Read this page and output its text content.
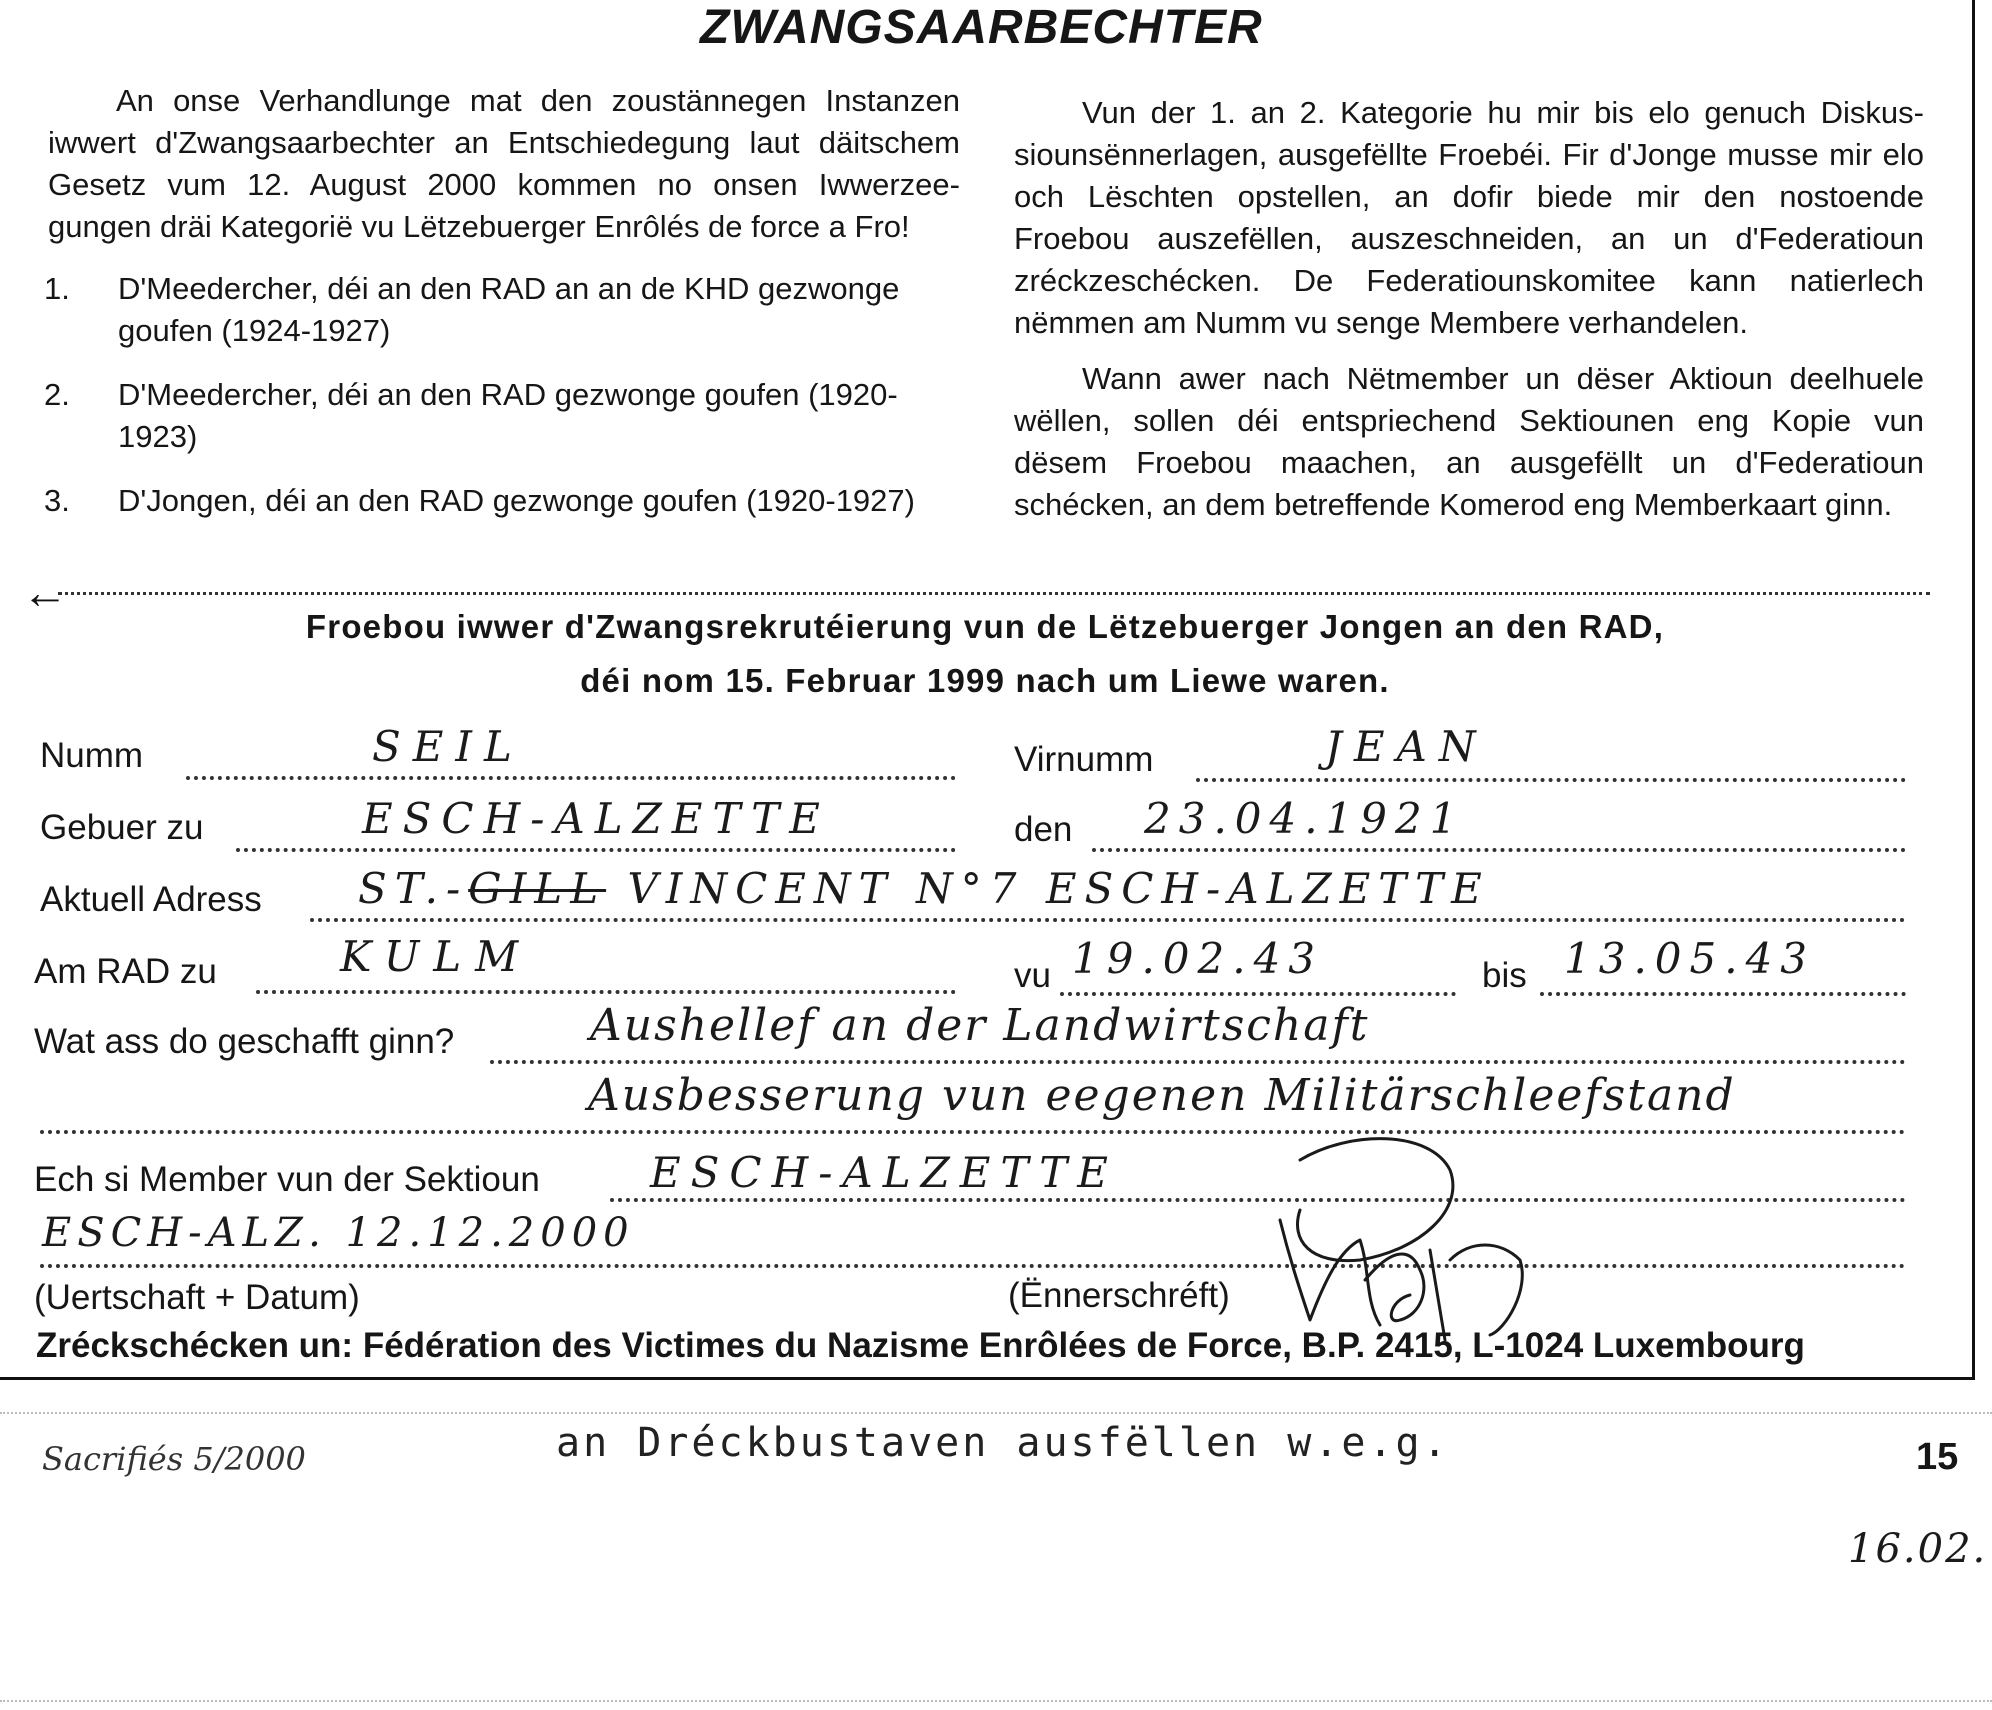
ZWANGSAARBECHTER

An onse Verhandlunge mat den zoustännegen Instanzen iwwert d'Zwangsaarbechter an Entschiedegung laut däitschem Gesetz vum 12. August 2000 kommen no onsen Iwwerzee-gungen dräi Kategorië vu Lëtzebuerger Enrôlés de force a Fro!

1.	D'Meedercher, déi an den RAD an an de KHD gezwonge goufen (1924-1927)
2.	D'Meedercher, déi an den RAD gezwonge goufen (1920-1923)
3.	D'Jongen, déi an den RAD gezwonge goufen (1920-1927)

Vun der 1. an 2. Kategorie hu mir bis elo genuch Diskus-siounsënnerlagen, ausgefëllte Froebéi. Fir d'Jonge musse mir elo och Lëschten opstellen, an dofir biede mir den nostoende Froebou auszefëllen, auszeschneiden, an un d'Federatioun zréckzeschécken. De Federatiounskomitee kann natierlech nëmmen am Numm vu senge Membere verhandelen.

Wann awer nach Nëtmember un dëser Aktioun deelhuele wëllen, sollen déi entspriechend Sektiounen eng Kopie vun dësem Froebou maachen, an ausgefëllt un d'Federatioun schécken, an dem betreffende Komerod eng Memberkaart ginn.

←
Froebou iwwer d'Zwangsrekrutéierung vun de Lëtzebuerger Jongen an den RAD,
déi nom 15. Februar 1999 nach um Liewe waren.
Numm	SEIL	Virnumm	JEAN
Gebuer zu	ESCH-ALZETTE	den 23.04.1921
Aktuell Adress ST.-GILL VINCENT N°7 ESCH-ALZETTE
Am RAD zu	KULM	vu 19.02.43	bis 13.05.43
Wat ass do geschafft ginn?	Aushellef an der Landwirtschaft
Ausbesserung vun eegenen Militärschleefstand
Ech si Member vun der Sektioun	ESCH-ALZETTE
ESCH-ALZ. 12.12.2000
(Uertschaft + Datum)	(Ënnerschréft)
Zréckschécken un: Fédération des Victimes du Nazisme Enrôlées de Force, B.P. 2415, L-1024 Luxembourg
Sacrifiés 5/2000	an Dréckbustaven ausfëllen w.e.g.	15
16.02.
